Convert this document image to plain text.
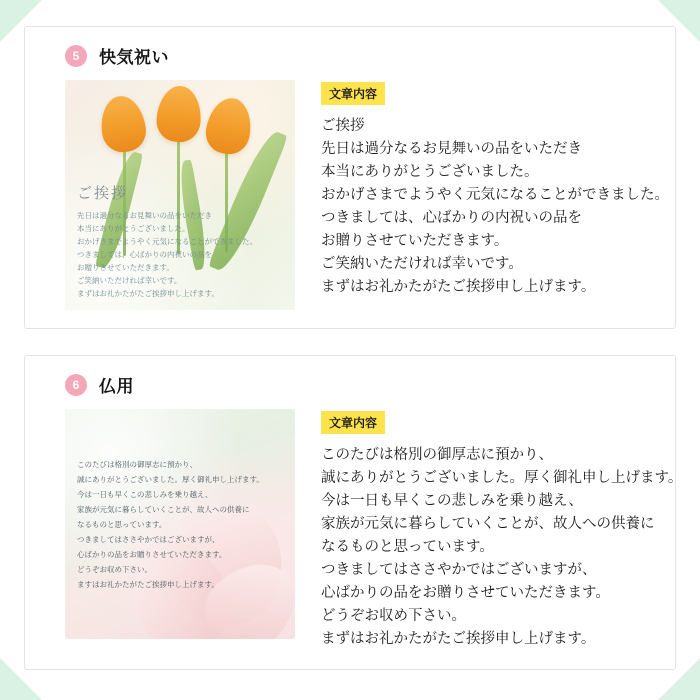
5	快気祝い
ご挨拶
先日は過分なるお見舞いの品をいただき
本当にありがとうございました。
おかげさまでようやく元気になることができました。
つきましては、心ばかりの内祝いの品を
お贈りさせていただきます。
ご笑納いただければ幸いです。
まずはお礼かたがたご挨拶申し上げます。
文章内容
ご挨拶
先日は過分なるお見舞いの品をいただき
本当にありがとうございました。
おかげさまでようやく元気になることができました。
つきましては、心ばかりの内祝いの品を
お贈りさせていただきます。
ご笑納いただければ幸いです。
まずはお礼かたがたご挨拶申し上げます。
6	仏用
このたびは格別の御厚志に預かり、
誠にありがとうございました。厚く御礼申し上げます。
今は一日も早くこの悲しみを乗り越え、
家族が元気に暮らしていくことが、故人への供養に
なるものと思っています。
つきましてはささやかではございますが、
心ばかりの品をお贈りさせていただきます。
どうぞお収め下さい。
ますはお礼かたがたご挨拶申し上げます。
文章内容
このたびは格別の御厚志に預かり、
誠にありがとうございました。厚く御礼申し上げます。
今は一日も早くこの悲しみを乗り越え、
家族が元気に暮らしていくことが、故人への供養に
なるものと思っています。
つきましてはささやかではございますが、
心ばかりの品をお贈りさせていただきます。
どうぞお収め下さい。
まずはお礼かたがたご挨拶申し上げます。
